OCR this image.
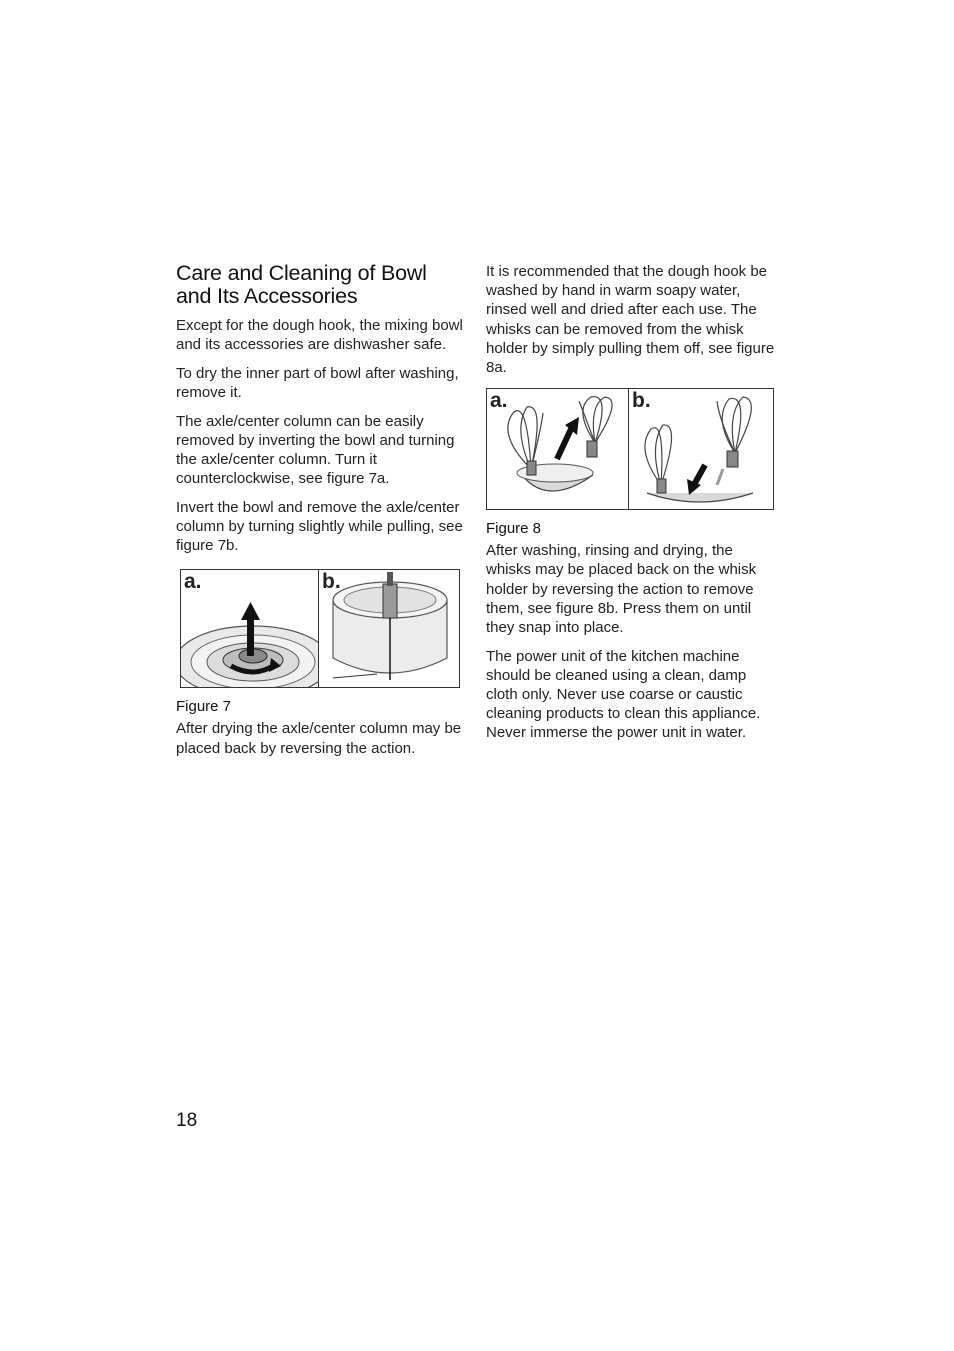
Care and Cleaning of Bowl and Its Accessories

Except for the dough hook, the mixing bowl and its accessories are dishwasher safe.

To dry the inner part of bowl after washing, remove it.

The axle/center column can be easily removed by inverting the bowl and turning the axle/center column. Turn it counterclockwise, see figure 7a.

Invert the bowl and remove the axle/center column by turning slightly while pulling, see figure 7b.

a.	b.
Figure 7

After drying the axle/center column may be placed back by reversing the action.

It is recommended that the dough hook be washed by hand in warm soapy water, rinsed well and dried after each use. The whisks can be removed from the whisk holder by simply pulling them off, see figure 8a.

a.	b.
Figure 8

After washing, rinsing and drying, the whisks may be placed back on the whisk holder by reversing the action to remove them, see figure 8b. Press them on until they snap into place.

The power unit of the kitchen machine should be cleaned using a clean, damp cloth only. Never use coarse or caustic cleaning products to clean this appliance. Never immerse the power unit in water.

18
